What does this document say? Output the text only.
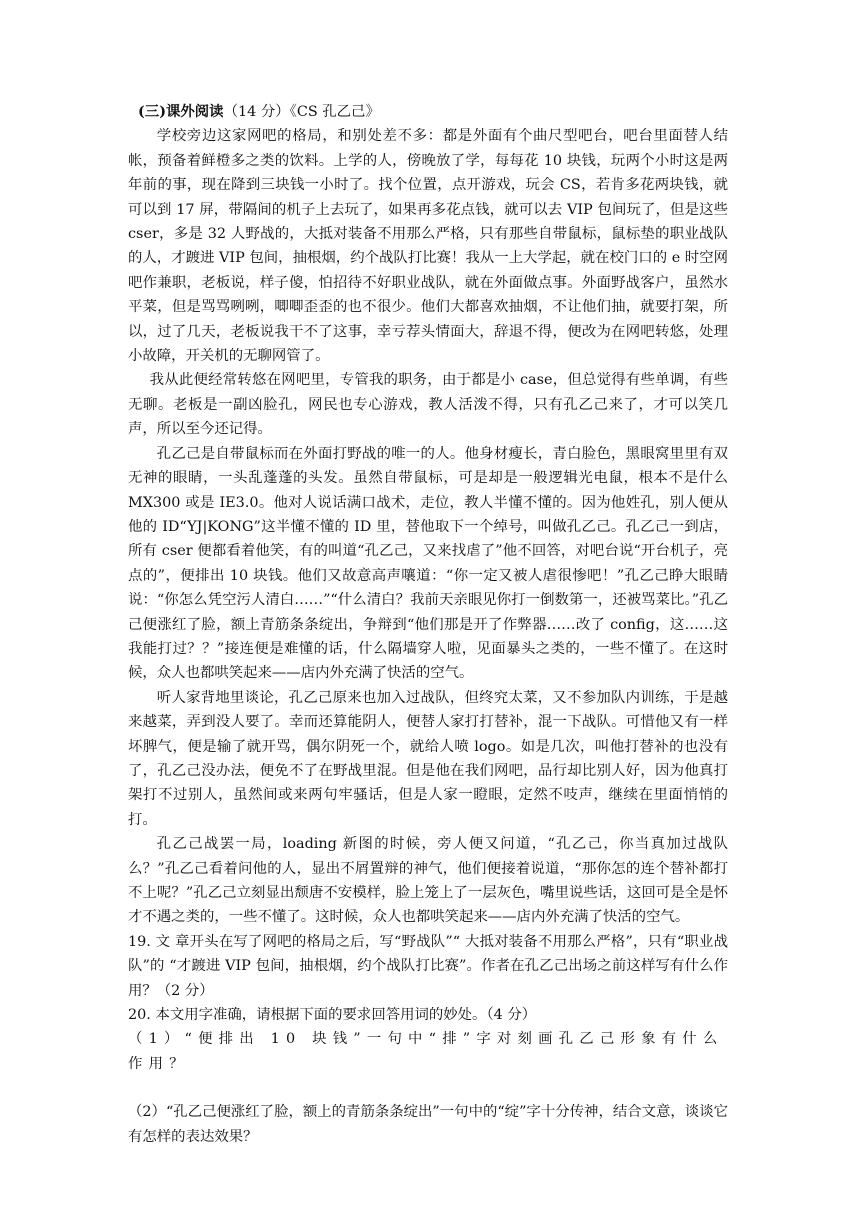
(三)课外阅读（14 分）《CS 孔乙己》

学校旁边这家网吧的格局，和别处差不多：都是外面有个曲尺型吧台，吧台里面替人结帐，预备着鲜橙多之类的饮料。上学的人，傍晚放了学，每每花 10 块钱，玩两个小时这是两年前的事，现在降到三块钱一小时了。找个位置，点开游戏，玩会 CS，若肯多花两块钱，就可以到 17 屏，带隔间的机子上去玩了，如果再多花点钱，就可以去 VIP 包间玩了，但是这些 cser，多是 32 人野战的，大抵对装备不用那么严格，只有那些自带鼠标，鼠标垫的职业战队的人，才踱进 VIP 包间，抽根烟，约个战队打比赛！我从一上大学起，就在校门口的 e 时空网吧作兼职，老板说，样子傻，怕招待不好职业战队，就在外面做点事。外面野战客户，虽然水平菜，但是骂骂咧咧，唧唧歪歪的也不很少。他们大都喜欢抽烟，不让他们抽，就要打架，所以，过了几天，老板说我干不了这事，幸亏荐头情面大，辞退不得，便改为在网吧转悠，处理小故障，开关机的无聊网管了。

我从此便经常转悠在网吧里，专管我的职务，由于都是小 case，但总觉得有些单调，有些无聊。老板是一副凶脸孔，网民也专心游戏，教人活泼不得，只有孔乙己来了，才可以笑几声，所以至今还记得。

孔乙己是自带鼠标而在外面打野战的唯一的人。他身材瘦长，青白脸色，黑眼窝里里有双无神的眼睛，一头乱蓬蓬的头发。虽然自带鼠标，可是却是一般逻辑光电鼠，根本不是什么 MX300 或是 IE3.0。他对人说话满口战术，走位，教人半懂不懂的。因为他姓孔，别人便从他的 ID“YJ|KONG”这半懂不懂的 ID 里，替他取下一个绰号，叫做孔乙己。孔乙己一到店，所有 cser 便都看着他笑，有的叫道“孔乙己，又来找虐了”他不回答，对吧台说“开台机子，亮点的”，便排出 10 块钱。他们又故意高声嚷道：“你一定又被人虐很惨吧！”孔乙己睁大眼睛说：“你怎么凭空污人清白……”“什么清白？我前天亲眼见你打一倒数第一，还被骂菜比。”孔乙己便涨红了脸，额上青筋条条绽出，争辩到“他们那是开了作弊器……改了 config，这……这我能打过？？”接连便是难懂的话，什么隔墙穿人啦，见面暴头之类的，一些不懂了。在这时候，众人也都哄笑起来——店内外充满了快活的空气。

听人家背地里谈论，孔乙己原来也加入过战队，但终究太菜，又不参加队内训练，于是越来越菜，弄到没人要了。幸而还算能阴人，便替人家打打替补，混一下战队。可惜他又有一样坏脾气，便是输了就开骂，偶尔阴死一个，就给人喷 logo。如是几次，叫他打替补的也没有了，孔乙己没办法，便免不了在野战里混。但是他在我们网吧，品行却比别人好，因为他真打架打不过别人，虽然间或来两句牢骚话，但是人家一瞪眼，定然不吱声，继续在里面悄悄的打。

孔乙己战罢一局，loading 新图的时候，旁人便又问道，“孔乙己，你当真加过战队么？”孔乙己看着问他的人，显出不屑置辩的神气，他们便接着说道，“那你怎的连个替补都打不上呢？”孔乙己立刻显出颓唐不安模样，脸上笼上了一层灰色，嘴里说些话，这回可是全是怀才不遇之类的，一些不懂了。这时候，众人也都哄笑起来——店内外充满了快活的空气。

19. 文 章开头在写了网吧的格局之后，写“野战队”“ 大抵对装备不用那么严格”，只有“职业战队”的 “才踱进 VIP 包间，抽根烟，约个战队打比赛”。作者在孔乙己出场之前这样写有什么作用？（2 分）

20. 本文用字准确，请根据下面的要求回答用词的妙处。（4 分）

（1）“便排出 10 块钱”一句中“排”字对刻画孔乙己形象有什么作用？

（2）“孔乙己便涨红了脸，额上的青筋条条绽出”一句中的“绽”字十分传神，结合文意，谈谈它有怎样的表达效果？
